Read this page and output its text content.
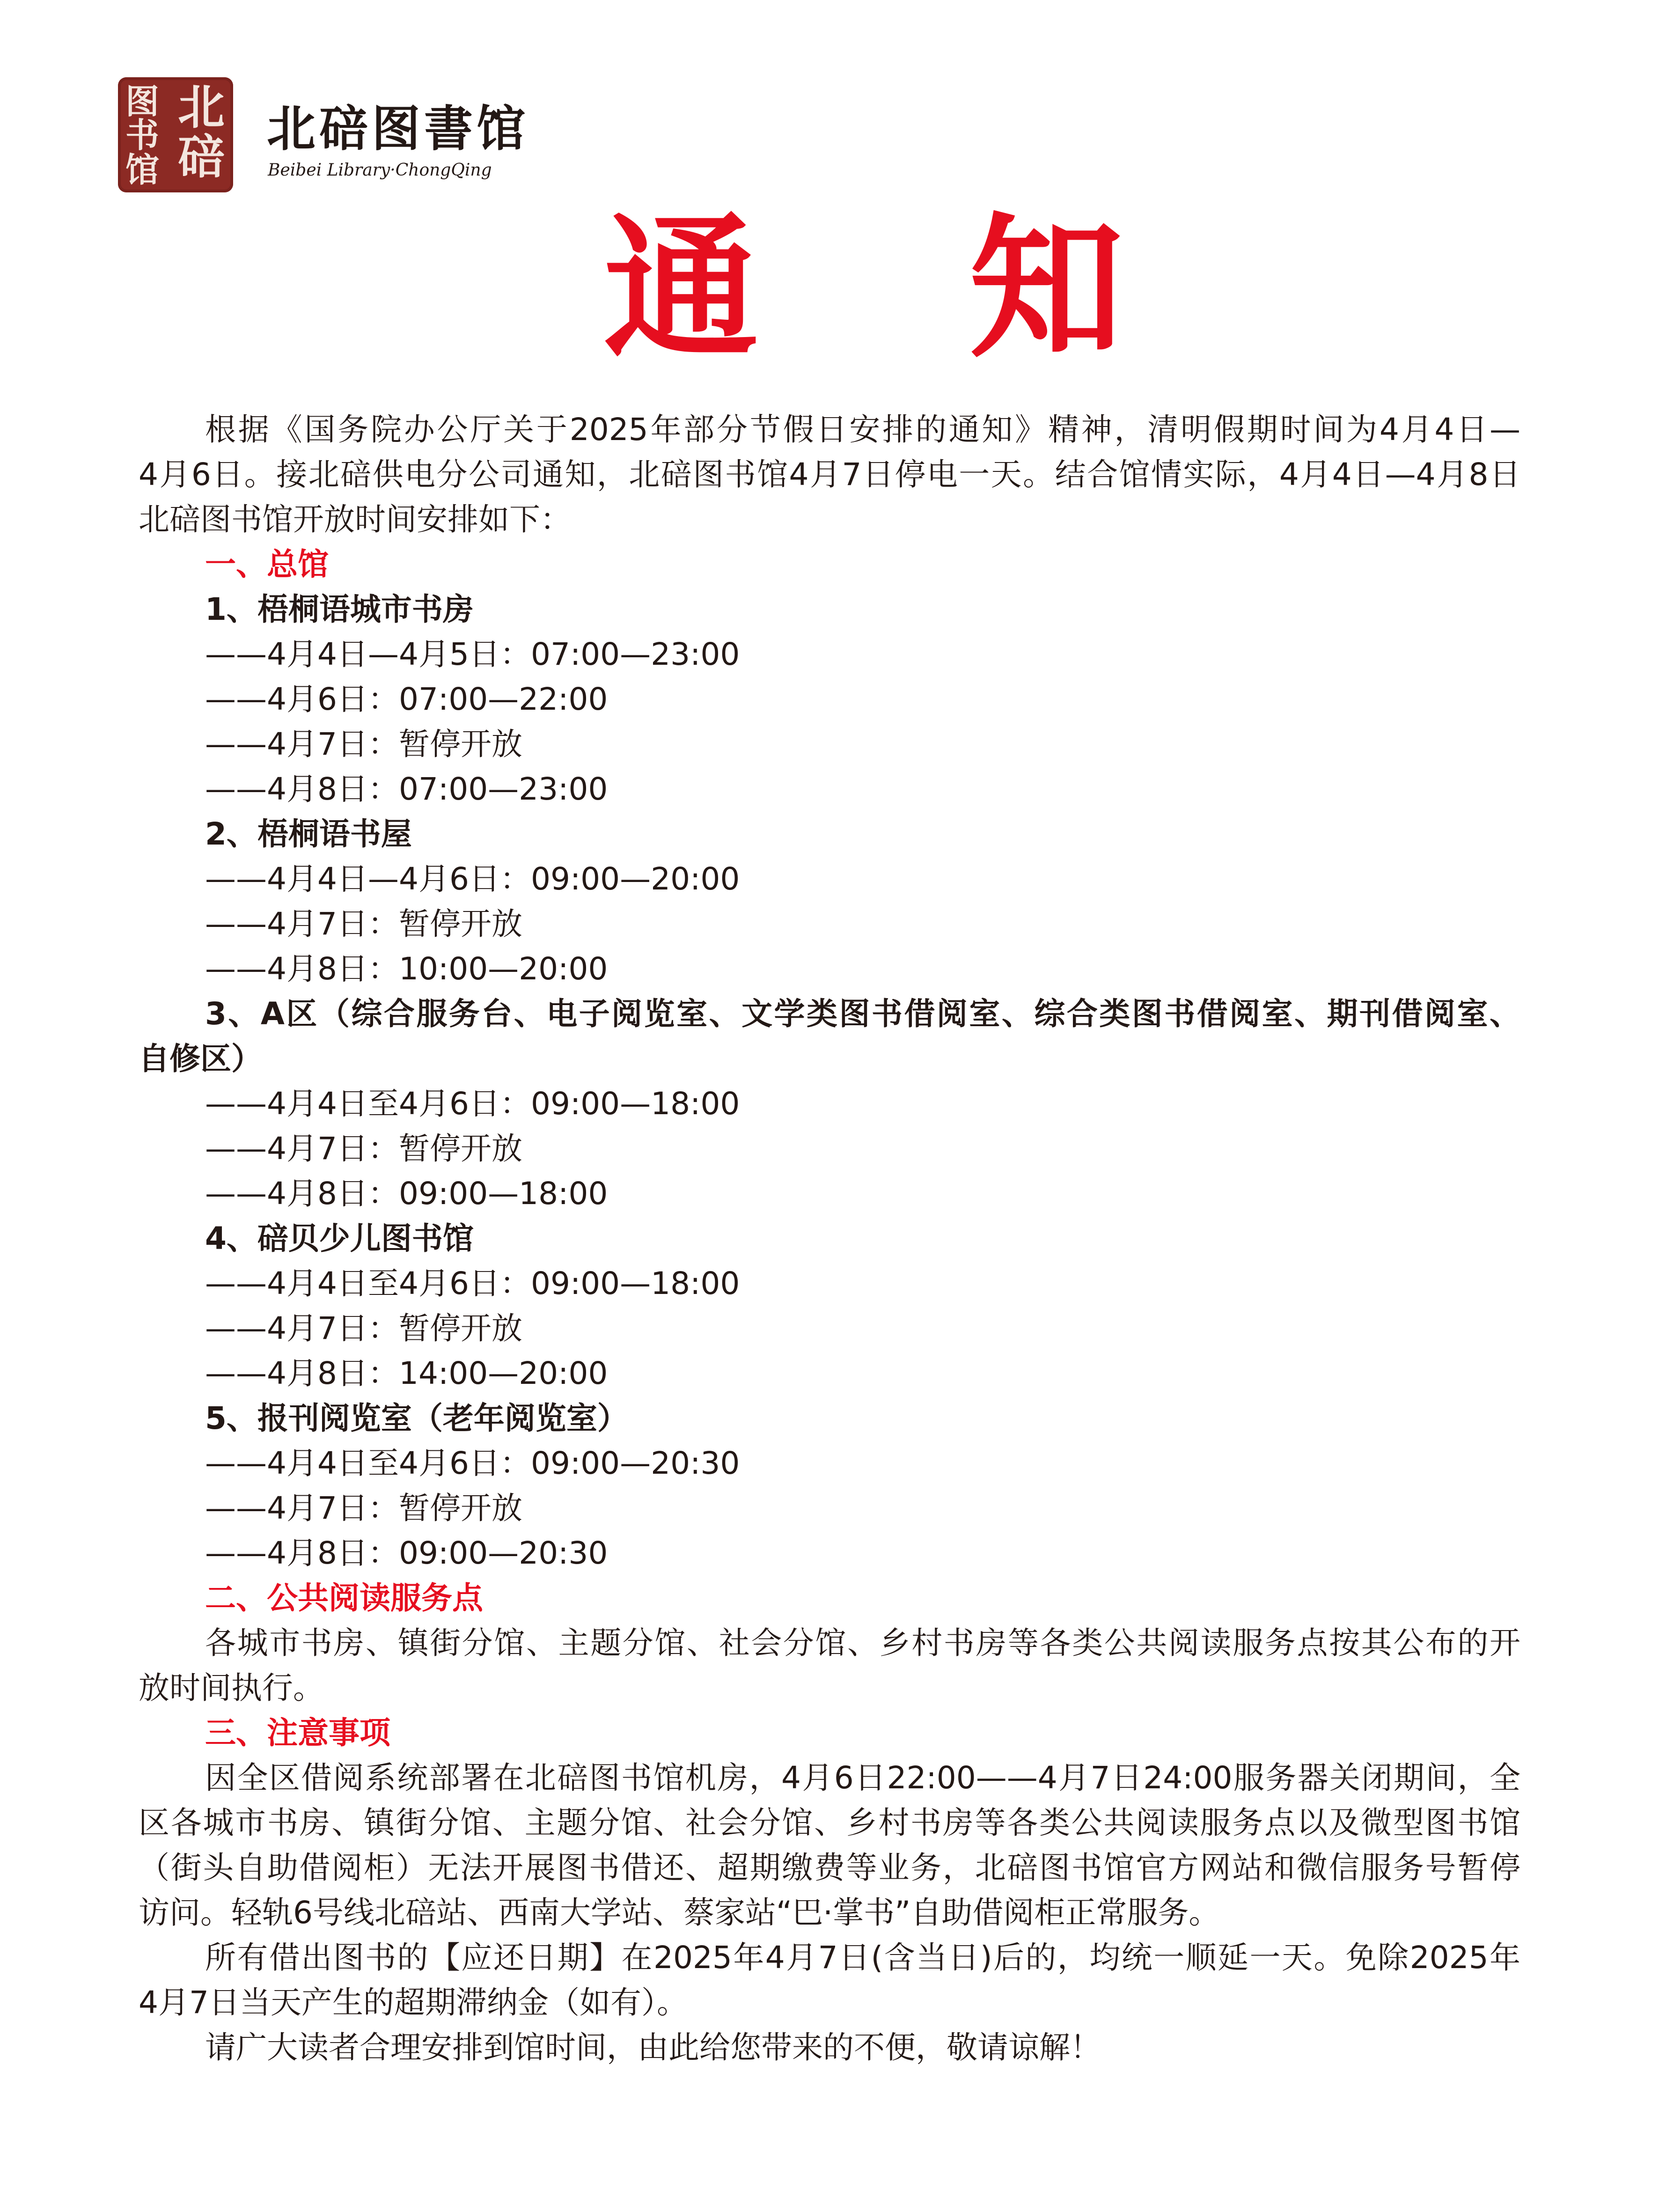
北
碚
图
书
馆
北碚图書馆
Beibei Library·ChongQing
通 知
根据《国务院办公厅关于2025年部分节假日安排的通知》精神，清明假期时间为4月4日—
4月6日。接北碚供电分公司通知，北碚图书馆4月7日停电一天。结合馆情实际，4月4日—4月8日
北碚图书馆开放时间安排如下：
一、总馆
1、梧桐语城市书房
——4月4日—4月5日：07:00—23:00
——4月6日：07:00—22:00
——4月7日：暂停开放
——4月8日：07:00—23:00
2、梧桐语书屋
——4月4日—4月6日：09:00—20:00
——4月7日：暂停开放
——4月8日：10:00—20:00
3、A区（综合服务台、电子阅览室、文学类图书借阅室、综合类图书借阅室、期刊借阅室、
自修区）
——4月4日至4月6日：09:00—18:00
——4月7日：暂停开放
——4月8日：09:00—18:00
4、碚贝少儿图书馆
——4月4日至4月6日：09:00—18:00
——4月7日：暂停开放
——4月8日：14:00—20:00
5、报刊阅览室（老年阅览室）
——4月4日至4月6日：09:00—20:30
——4月7日：暂停开放
——4月8日：09:00—20:30
二、公共阅读服务点
各城市书房、镇街分馆、主题分馆、社会分馆、乡村书房等各类公共阅读服务点按其公布的开
放时间执行。
三、注意事项
因全区借阅系统部署在北碚图书馆机房，4月6日22:00——4月7日24:00服务器关闭期间，全
区各城市书房、镇街分馆、主题分馆、社会分馆、乡村书房等各类公共阅读服务点以及微型图书馆
（街头自助借阅柜）无法开展图书借还、超期缴费等业务，北碚图书馆官方网站和微信服务号暂停
访问。轻轨6号线北碚站、西南大学站、蔡家站“巴·掌书”自助借阅柜正常服务。
所有借出图书的【应还日期】在2025年4月7日(含当日)后的，均统一顺延一天。免除2025年
4月7日当天产生的超期滞纳金（如有）。
请广大读者合理安排到馆时间，由此给您带来的不便，敬请谅解！
